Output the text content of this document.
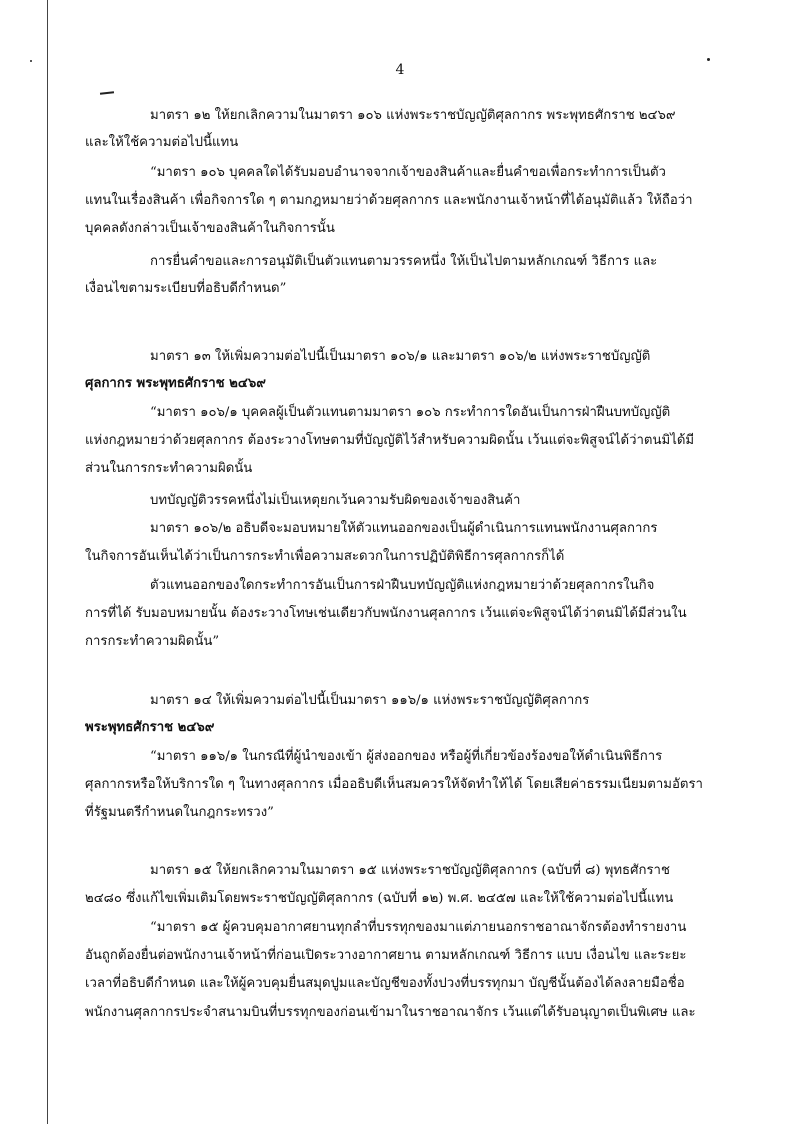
4
มาตรา ๑๒ ให้ยกเลิกความในมาตรา ๑๐๖ แห่งพระราชบัญญัติศุลกากร พระพุทธศักราช ๒๔๖๙
และให้ใช้ความต่อไปนี้แทน
“มาตรา ๑๐๖ บุคคลใดได้รับมอบอำนาจจากเจ้าของสินค้าและยื่นคำขอเพื่อกระทำการเป็นตัว
แทนในเรื่องสินค้า เพื่อกิจการใด ๆ ตามกฎหมายว่าด้วยศุลกากร และพนักงานเจ้าหน้าที่ได้อนุมัติแล้ว ให้ถือว่า
บุคคลดังกล่าวเป็นเจ้าของสินค้าในกิจการนั้น
การยื่นคำขอและการอนุมัติเป็นตัวแทนตามวรรคหนึ่ง ให้เป็นไปตามหลักเกณฑ์ วิธีการ และ
เงื่อนไขตามระเบียบที่อธิบดีกำหนด”
มาตรา ๑๓ ให้เพิ่มความต่อไปนี้เป็นมาตรา ๑๐๖/๑ และมาตรา ๑๐๖/๒ แห่งพระราชบัญญัติ
ศุลกากร พระพุทธศักราช ๒๔๖๙
“มาตรา ๑๐๖/๑ บุคคลผู้เป็นตัวแทนตามมาตรา ๑๐๖ กระทำการใดอันเป็นการฝ่าฝืนบทบัญญัติ
แห่งกฎหมายว่าด้วยศุลกากร ต้องระวางโทษตามที่บัญญัติไว้สำหรับความผิดนั้น เว้นแต่จะพิสูจน์ได้ว่าตนมิได้มี
ส่วนในการกระทำความผิดนั้น
บทบัญญัติวรรคหนึ่งไม่เป็นเหตุยกเว้นความรับผิดของเจ้าของสินค้า
มาตรา ๑๐๖/๒ อธิบดีจะมอบหมายให้ตัวแทนออกของเป็นผู้ดำเนินการแทนพนักงานศุลกากร
ในกิจการอันเห็นได้ว่าเป็นการกระทำเพื่อความสะดวกในการปฏิบัติพิธีการศุลกากรก็ได้
ตัวแทนออกของใดกระทำการอันเป็นการฝ่าฝืนบทบัญญัติแห่งกฎหมายว่าด้วยศุลกากรในกิจ
การที่ได้ รับมอบหมายนั้น ต้องระวางโทษเช่นเดียวกับพนักงานศุลกากร เว้นแต่จะพิสูจน์ได้ว่าตนมิได้มีส่วนใน
การกระทำความผิดนั้น”
มาตรา ๑๔ ให้เพิ่มความต่อไปนี้เป็นมาตรา ๑๑๖/๑ แห่งพระราชบัญญัติศุลกากร
พระพุทธศักราช ๒๔๖๙
“มาตรา ๑๑๖/๑ ในกรณีที่ผู้นำของเข้า ผู้ส่งออกของ หรือผู้ที่เกี่ยวข้องร้องขอให้ดำเนินพิธีการ
ศุลกากรหรือให้บริการใด ๆ ในทางศุลกากร เมื่ออธิบดีเห็นสมควรให้จัดทำให้ได้ โดยเสียค่าธรรมเนียมตามอัตรา
ที่รัฐมนตรีกำหนดในกฎกระทรวง”
มาตรา ๑๕ ให้ยกเลิกความในมาตรา ๑๕ แห่งพระราชบัญญัติศุลกากร (ฉบับที่ ๘) พุทธศักราช
๒๔๘๐ ซึ่งแก้ไขเพิ่มเติมโดยพระราชบัญญัติศุลกากร (ฉบับที่ ๑๒) พ.ศ. ๒๔๕๗ และให้ใช้ความต่อไปนี้แทน
“มาตรา ๑๕ ผู้ควบคุมอากาศยานทุกลำที่บรรทุกของมาแต่ภายนอกราชอาณาจักรต้องทำรายงาน
อันถูกต้องยื่นต่อพนักงานเจ้าหน้าที่ก่อนเปิดระวางอากาศยาน ตามหลักเกณฑ์ วิธีการ แบบ เงื่อนไข และระยะ
เวลาที่อธิบดีกำหนด และให้ผู้ควบคุมยื่นสมุดปูมและบัญชีของทั้งปวงที่บรรทุกมา บัญชีนั้นต้องได้ลงลายมือชื่อ
พนักงานศุลกากรประจำสนามบินที่บรรทุกของก่อนเข้ามาในราชอาณาจักร เว้นแต่ได้รับอนุญาตเป็นพิเศษ และ
